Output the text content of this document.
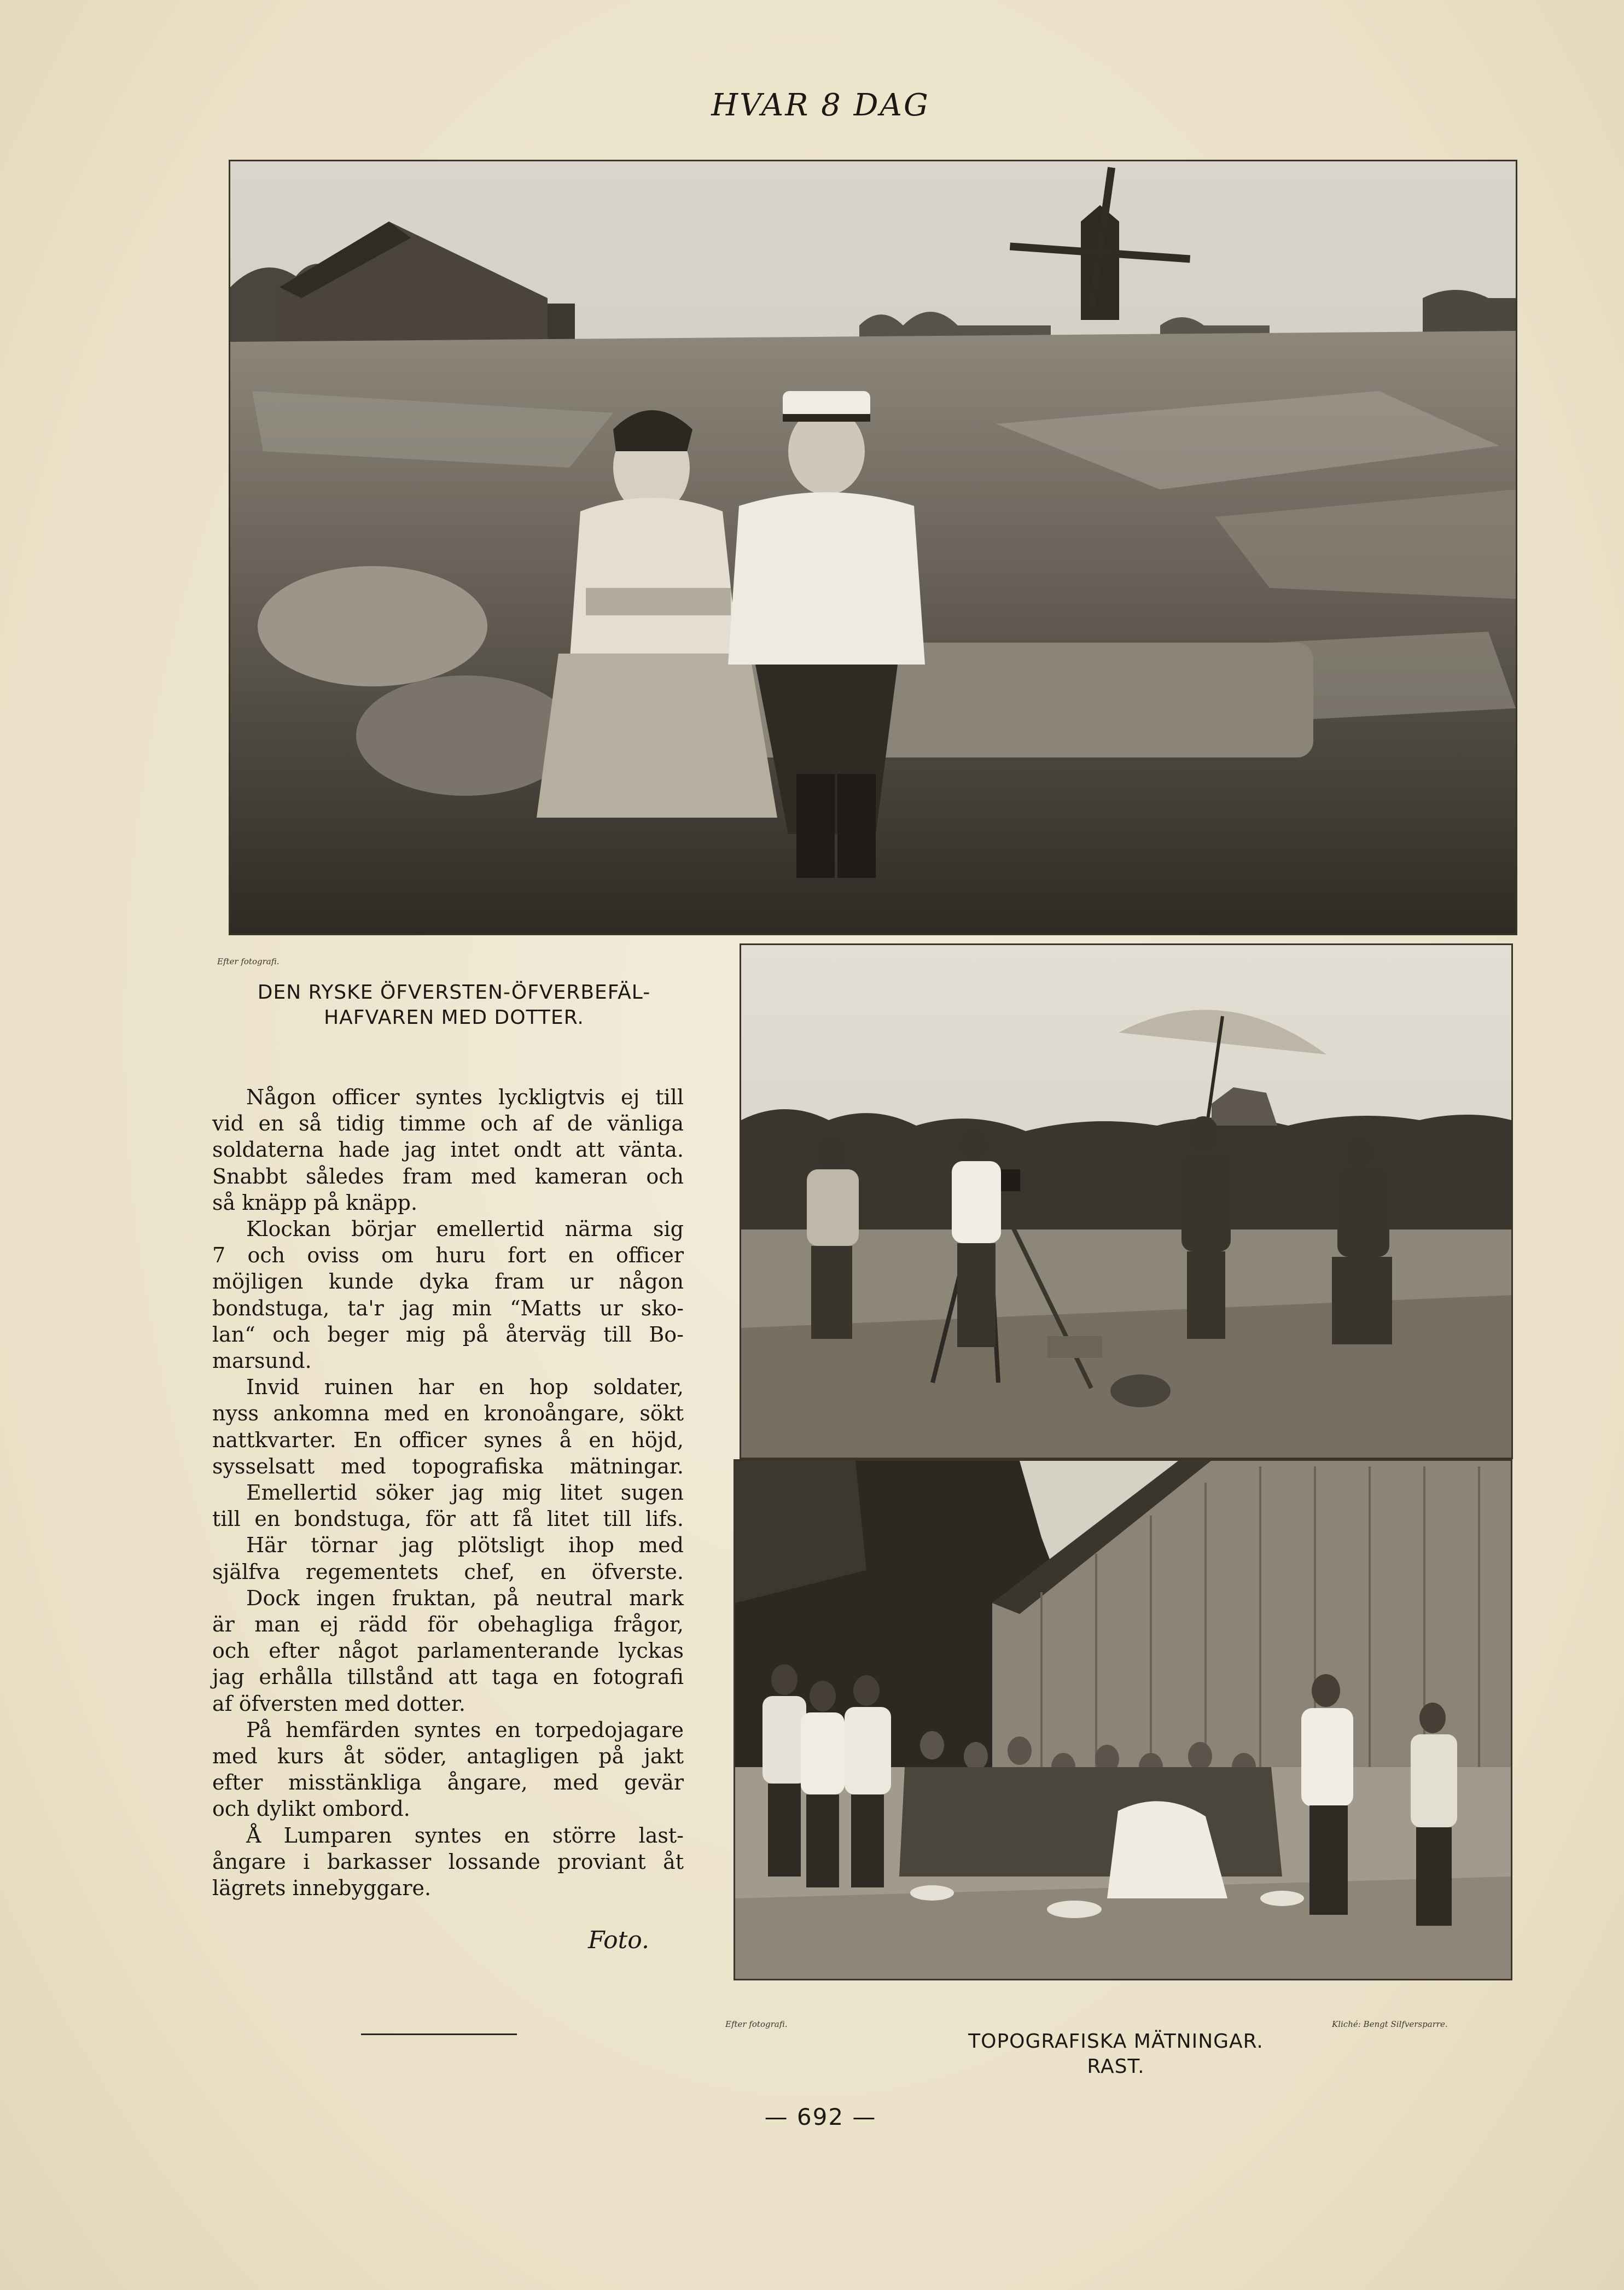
HVAR 8 DAG
Efter fotografi.
DEN RYSKE ÖFVERSTEN-ÖFVERBEFÄL-
HAFVAREN MED DOTTER.
Efter fotografi.	Kliché: Bengt Silfversparre.
TOPOGRAFISKA MÄTNINGAR.
RAST.
Någon officer syntes lyckligtvis ej till
vid en så tidig timme och af de vänliga
soldaterna hade jag intet ondt att vänta.
Snabbt således fram med kameran och
så knäpp på knäpp.
Klockan börjar emellertid närma sig
7 och oviss om huru fort en officer
möjligen kunde dyka fram ur någon
bondstuga, ta'r jag min “Matts ur sko-
lan“ och beger mig på återväg till Bo-
marsund.
Invid ruinen har en hop soldater,
nyss ankomna med en kronoångare, sökt
nattkvarter. En officer synes å en höjd,
sysselsatt med topografiska mätningar.
Emellertid söker jag mig litet sugen
till en bondstuga, för att få litet till lifs.
Här törnar jag plötsligt ihop med
själfva regementets chef, en öfverste.
Dock ingen fruktan, på neutral mark
är man ej rädd för obehagliga frågor,
och efter något parlamenterande lyckas
jag erhålla tillstånd att taga en fotografi
af öfversten med dotter.
På hemfärden syntes en torpedojagare
med kurs åt söder, antagligen på jakt
efter misstänkliga ångare, med gevär
och dylikt ombord.
Å Lumparen syntes en större last-
ångare i barkasser lossande proviant åt
lägrets innebyggare.
Foto.
— 692 —
